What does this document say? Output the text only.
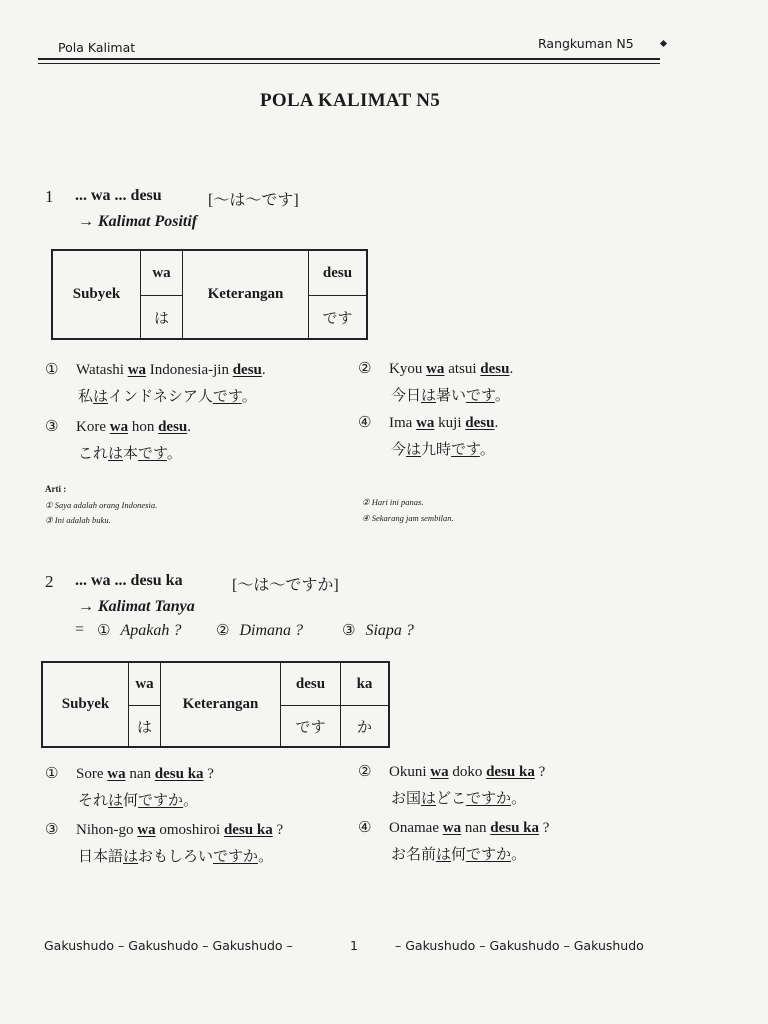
Pola Kalimat	Rangkuman N5
POLA KALIMAT N5
1 ... wa ... desu	[〜は〜です]
→ Kalimat Positif
Subyek	wa	Keterangan	desu
	は		です
① Watashi wa Indonesia-jin desu.
私はインドネシア人です。
② Kyou wa atsui desu.
今日は暑いです。
③ Kore wa hon desu.
これは本です。
④ Ima wa kuji desu.
今は九時です。
Arti :
① Saya adalah orang Indonesia.	② Hari ini panas.
③ Ini adalah buku.	④ Sekarang jam sembilan.
2 ... wa ... desu ka	[〜は〜ですか]
→ Kalimat Tanya
= ① Apakah ? ② Dimana ?	③ Siapa ?
Subyek	wa	Keterangan	desu	ka
	は		です	か
① Sore wa nan desu ka ?
それは何ですか。
② Okuni wa doko desu ka ?
お国はどこですか。
③ Nihon-go wa omoshiroi desu ka ?
日本語はおもしろいですか。
④ Onamae wa nan desu ka ?
お名前は何ですか。
Gakushudo – Gakushudo – Gakushudo –	1	– Gakushudo – Gakushudo – Gakushudo
